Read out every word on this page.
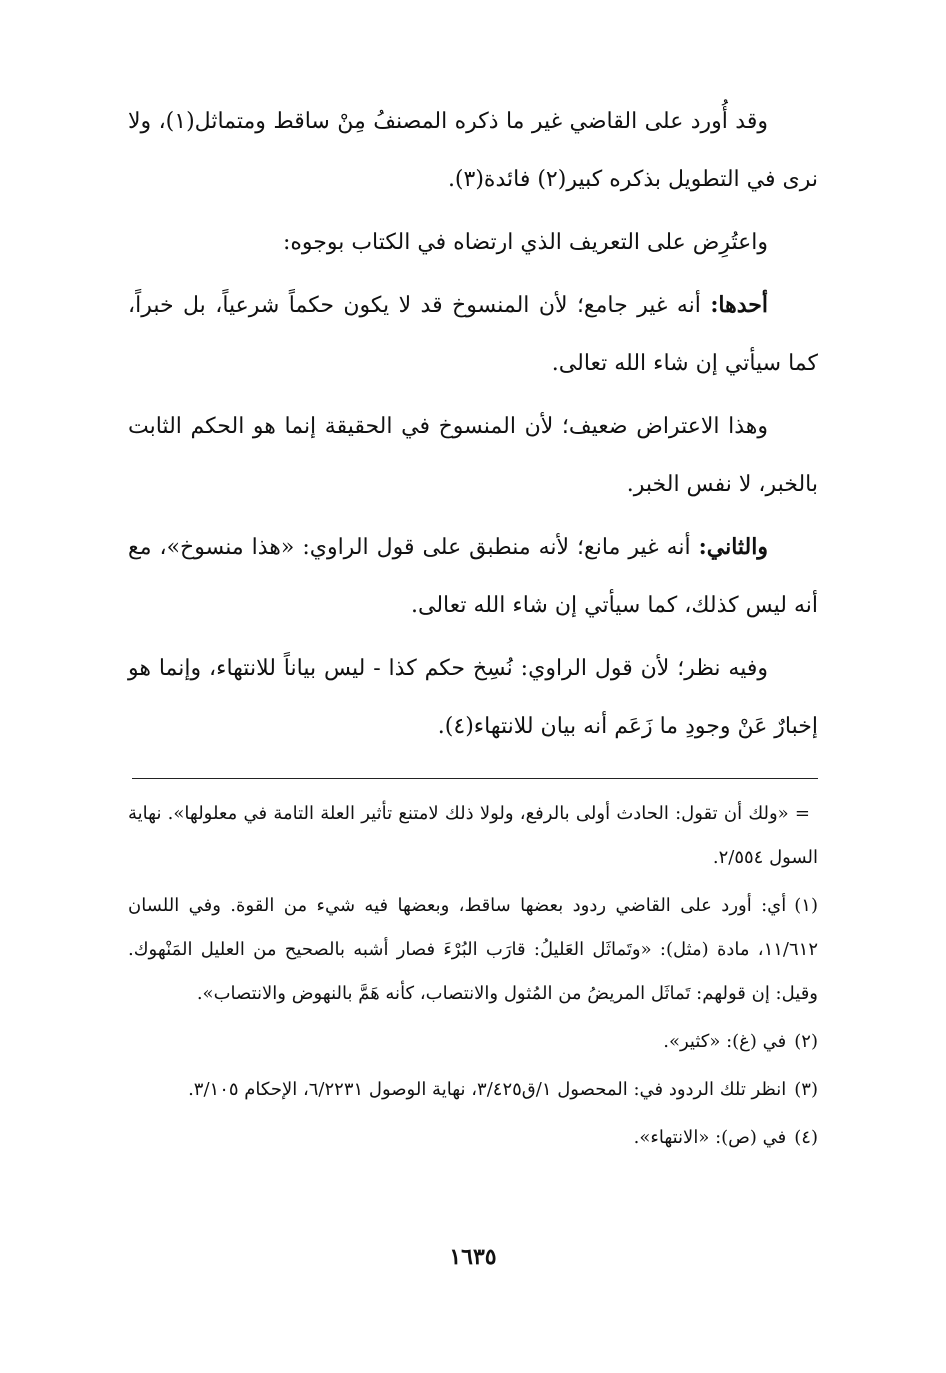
وقد أُورد على القاضي غير ما ذكره المصنفُ مِنْ ساقط ومتماثل(١)، ولا نرى في التطويل بذكره كبير(٢) فائدة(٣).

واعتُرِض على التعريف الذي ارتضاه في الكتاب بوجوه:

أحدها: أنه غير جامع؛ لأن المنسوخ قد لا يكون حكماً شرعياً، بل خبراً، كما سيأتي إن شاء الله تعالى.

وهذا الاعتراض ضعيف؛ لأن المنسوخ في الحقيقة إنما هو الحكم الثابت بالخبر، لا نفس الخبر.

والثاني: أنه غير مانع؛ لأنه منطبق على قول الراوي: «هذا منسوخ»، مع أنه ليس كذلك، كما سيأتي إن شاء الله تعالى.

وفيه نظر؛ لأن قول الراوي: نُسِخ حكم كذا - ليس بياناً للانتهاء، وإنما هو إخبارٌ عَنْ وجودِ ما زَعَم أنه بيان للانتهاء(٤).

= «ولك أن تقول: الحادث أولى بالرفع، ولولا ذلك لامتنع تأثير العلة التامة في معلولها». نهاية السول ٢/٥٥٤.

(١)أي: أورد على القاضي ردود بعضها ساقط، وبعضها فيه شيء من القوة. وفي اللسان ١١/٦١٢، مادة (مثل): «وتَماثَل العَليلُ: قارَب البُرْءَ فصار أشبه بالصحيح من العليل المَنْهوك. وقيل: إن قولهم: تَماثَل المريضُ من المُثول والانتصاب، كأنه هَمَّ بالنهوض والانتصاب».

(٢)في (غ): «كثير».

(٣)انظر تلك الردود في: المحصول ١/ق٣/٤٢٥، نهاية الوصول ٦/٢٢٣١، الإحكام ٣/١٠٥.

(٤)في (ص): «الانتهاء».

١٦٣٥
